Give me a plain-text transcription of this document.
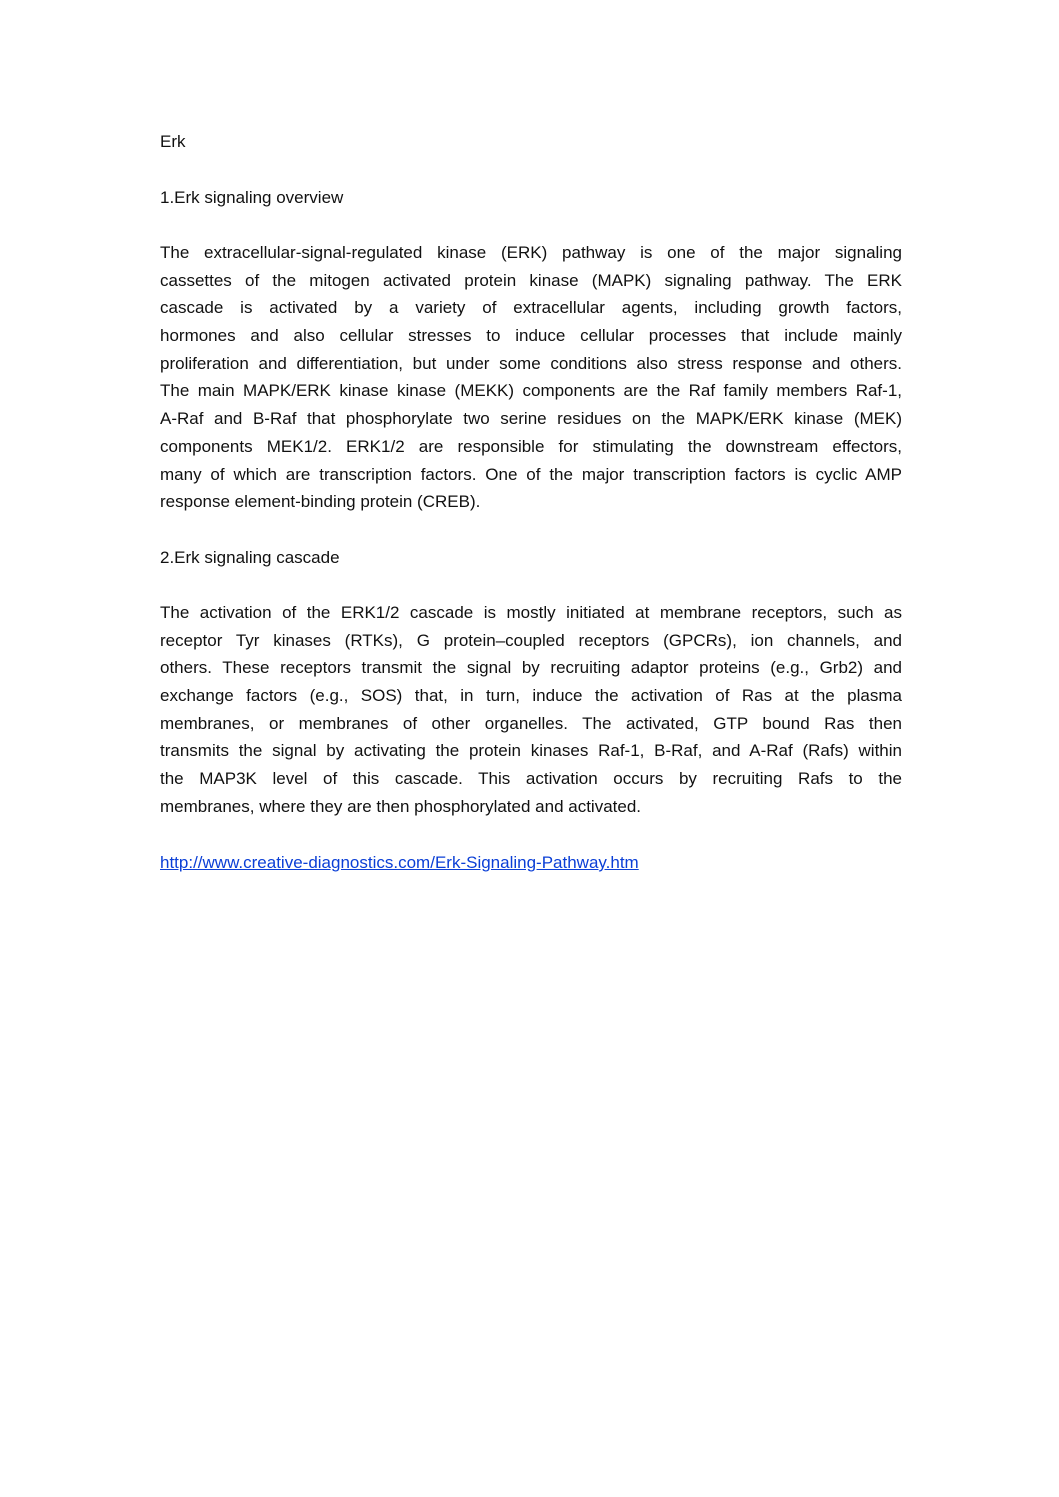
Erk
1.Erk signaling overview
The extracellular-signal-regulated kinase (ERK) pathway is one of the major signaling
cassettes of the mitogen activated protein kinase (MAPK) signaling pathway. The ERK
cascade is activated by a variety of extracellular agents, including growth factors,
hormones and also cellular stresses to induce cellular processes that include mainly
proliferation and differentiation, but under some conditions also stress response and others.
The main MAPK/ERK kinase kinase (MEKK) components are the Raf family members Raf-1,
A-Raf and B-Raf that phosphorylate two serine residues on the MAPK/ERK kinase (MEK)
components MEK1/2. ERK1/2 are responsible for stimulating the downstream effectors,
many of which are transcription factors. One of the major transcription factors is cyclic AMP
response element-binding protein (CREB).
2.Erk signaling cascade
The activation of the ERK1/2 cascade is mostly initiated at membrane receptors, such as
receptor Tyr kinases (RTKs), G protein–coupled receptors (GPCRs), ion channels, and
others. These receptors transmit the signal by recruiting adaptor proteins (e.g., Grb2) and
exchange factors (e.g., SOS) that, in turn, induce the activation of Ras at the plasma
membranes, or membranes of other organelles. The activated, GTP bound Ras then
transmits the signal by activating the protein kinases Raf-1, B-Raf, and A-Raf (Rafs) within
the MAP3K level of this cascade. This activation occurs by recruiting Rafs to the
membranes, where they are then phosphorylated and activated.
http://www.creative-diagnostics.com/Erk-Signaling-Pathway.htm
